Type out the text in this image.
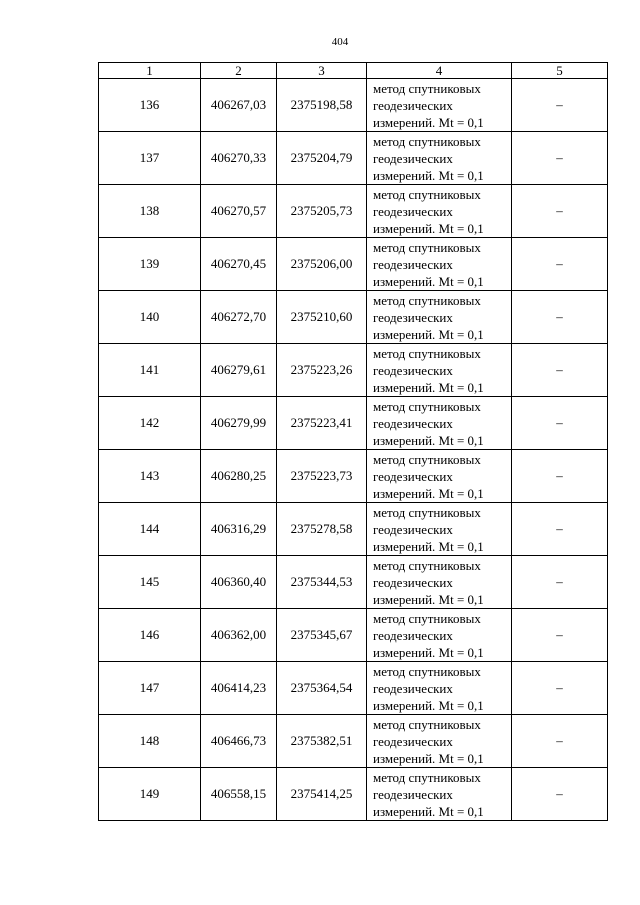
404
1	2	3	4	5
136	406267,03	2375198,58	метод спутниковых
геодезических
измерений. Mt = 0,1	–
137	406270,33	2375204,79	метод спутниковых
геодезических
измерений. Mt = 0,1	–
138	406270,57	2375205,73	метод спутниковых
геодезических
измерений. Mt = 0,1	–
139	406270,45	2375206,00	метод спутниковых
геодезических
измерений. Mt = 0,1	–
140	406272,70	2375210,60	метод спутниковых
геодезических
измерений. Mt = 0,1	–
141	406279,61	2375223,26	метод спутниковых
геодезических
измерений. Mt = 0,1	–
142	406279,99	2375223,41	метод спутниковых
геодезических
измерений. Mt = 0,1	–
143	406280,25	2375223,73	метод спутниковых
геодезических
измерений. Mt = 0,1	–
144	406316,29	2375278,58	метод спутниковых
геодезических
измерений. Mt = 0,1	–
145	406360,40	2375344,53	метод спутниковых
геодезических
измерений. Mt = 0,1	–
146	406362,00	2375345,67	метод спутниковых
геодезических
измерений. Mt = 0,1	–
147	406414,23	2375364,54	метод спутниковых
геодезических
измерений. Mt = 0,1	–
148	406466,73	2375382,51	метод спутниковых
геодезических
измерений. Mt = 0,1	–
149	406558,15	2375414,25	метод спутниковых
геодезических
измерений. Mt = 0,1	–
